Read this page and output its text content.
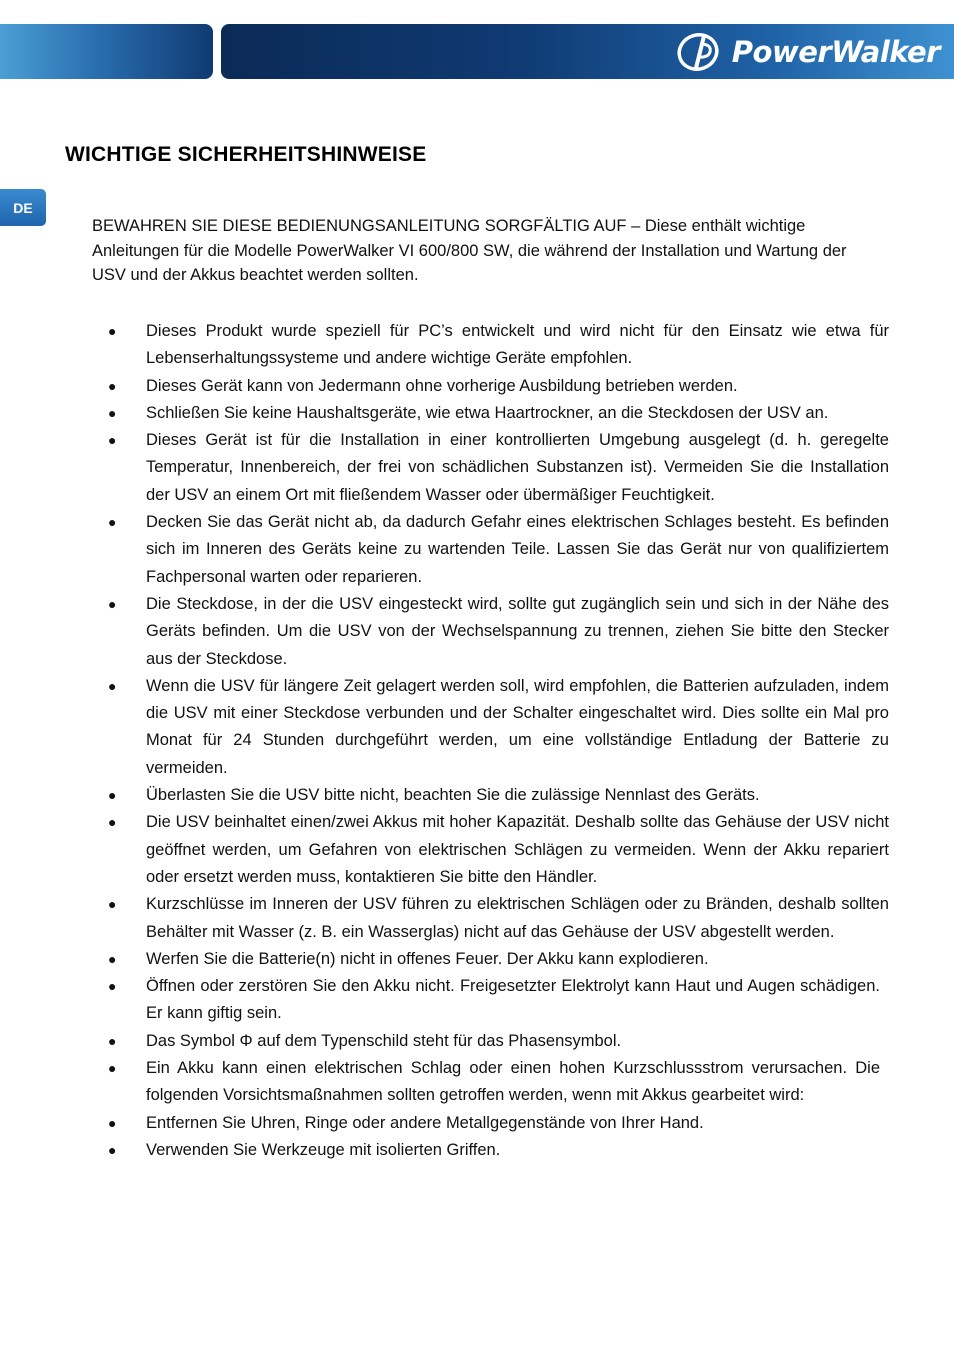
PowerWalker
DE
WICHTIGE SICHERHEITSHINWEISE

BEWAHREN SIE DIESE BEDIENUNGSANLEITUNG SORGFÄLTIG AUF – Diese enthält wichtige Anleitungen für die Modelle PowerWalker VI 600/800 SW, die während der Installation und Wartung der USV und der Akkus beachtet werden sollten.

● Dieses Produkt wurde speziell für PC’s entwickelt und wird nicht für den Einsatz wie etwa für Lebenserhaltungssysteme und andere wichtige Geräte empfohlen.
● Dieses Gerät kann von Jedermann ohne vorherige Ausbildung betrieben werden.
● Schließen Sie keine Haushaltsgeräte, wie etwa Haartrockner, an die Steckdosen der USV an.
● Dieses Gerät ist für die Installation in einer kontrollierten Umgebung ausgelegt (d. h. geregelte Temperatur, Innenbereich, der frei von schädlichen Substanzen ist). Vermeiden Sie die Installation der USV an einem Ort mit fließendem Wasser oder übermäßiger Feuchtigkeit.
● Decken Sie das Gerät nicht ab, da dadurch Gefahr eines elektrischen Schlages besteht. Es befinden sich im Inneren des Geräts keine zu wartenden Teile. Lassen Sie das Gerät nur von qualifiziertem Fachpersonal warten oder reparieren.
● Die Steckdose, in der die USV eingesteckt wird, sollte gut zugänglich sein und sich in der Nähe des Geräts befinden. Um die USV von der Wechselspannung zu trennen, ziehen Sie bitte den Stecker aus der Steckdose.
● Wenn die USV für längere Zeit gelagert werden soll, wird empfohlen, die Batterien aufzuladen, indem die USV mit einer Steckdose verbunden und der Schalter eingeschaltet wird. Dies sollte ein Mal pro Monat für 24 Stunden durchgeführt werden, um eine vollständige Entladung der Batterie zu vermeiden.
● Überlasten Sie die USV bitte nicht, beachten Sie die zulässige Nennlast des Geräts.
● Die USV beinhaltet einen/zwei Akkus mit hoher Kapazität. Deshalb sollte das Gehäuse der USV nicht geöffnet werden, um Gefahren von elektrischen Schlägen zu vermeiden. Wenn der Akku repariert oder ersetzt werden muss, kontaktieren Sie bitte den Händler.
● Kurzschlüsse im Inneren der USV führen zu elektrischen Schlägen oder zu Bränden, deshalb sollten Behälter mit Wasser (z. B. ein Wasserglas) nicht auf das Gehäuse der USV abgestellt werden.
● Werfen Sie die Batterie(n) nicht in offenes Feuer. Der Akku kann explodieren.
● Öffnen oder zerstören Sie den Akku nicht. Freigesetzter Elektrolyt kann Haut und Augen schädigen. Er kann giftig sein.
● Das Symbol Φ auf dem Typenschild steht für das Phasensymbol.
● Ein Akku kann einen elektrischen Schlag oder einen hohen Kurzschlussstrom verursachen. Die folgenden Vorsichtsmaßnahmen sollten getroffen werden, wenn mit Akkus gearbeitet wird:
● Entfernen Sie Uhren, Ringe oder andere Metallgegenstände von Ihrer Hand.
● Verwenden Sie Werkzeuge mit isolierten Griffen.
